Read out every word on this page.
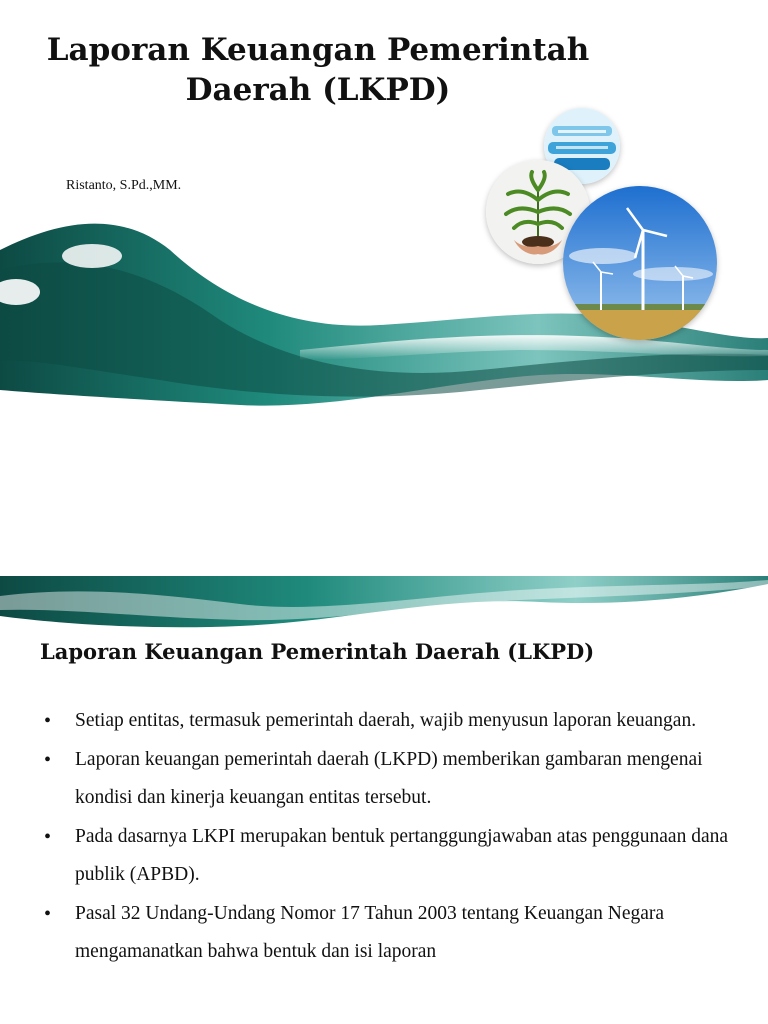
Laporan Keuangan Pemerintah
Daerah (LKPD)
Ristanto, S.Pd.,MM.
Laporan Keuangan Pemerintah Daerah (LKPD)
• Setiap entitas, termasuk pemerintah daerah, wajib menyusun laporan keuangan.
• Laporan keuangan pemerintah daerah (LKPD) memberikan gambaran mengenai kondisi dan kinerja keuangan entitas tersebut.
• Pada dasarnya LKPI merupakan bentuk pertanggungjawaban atas penggunaan dana publik (APBD).
• Pasal 32 Undang-Undang Nomor 17 Tahun 2003 tentang Keuangan Negara mengamanatkan bahwa bentuk dan isi laporan
